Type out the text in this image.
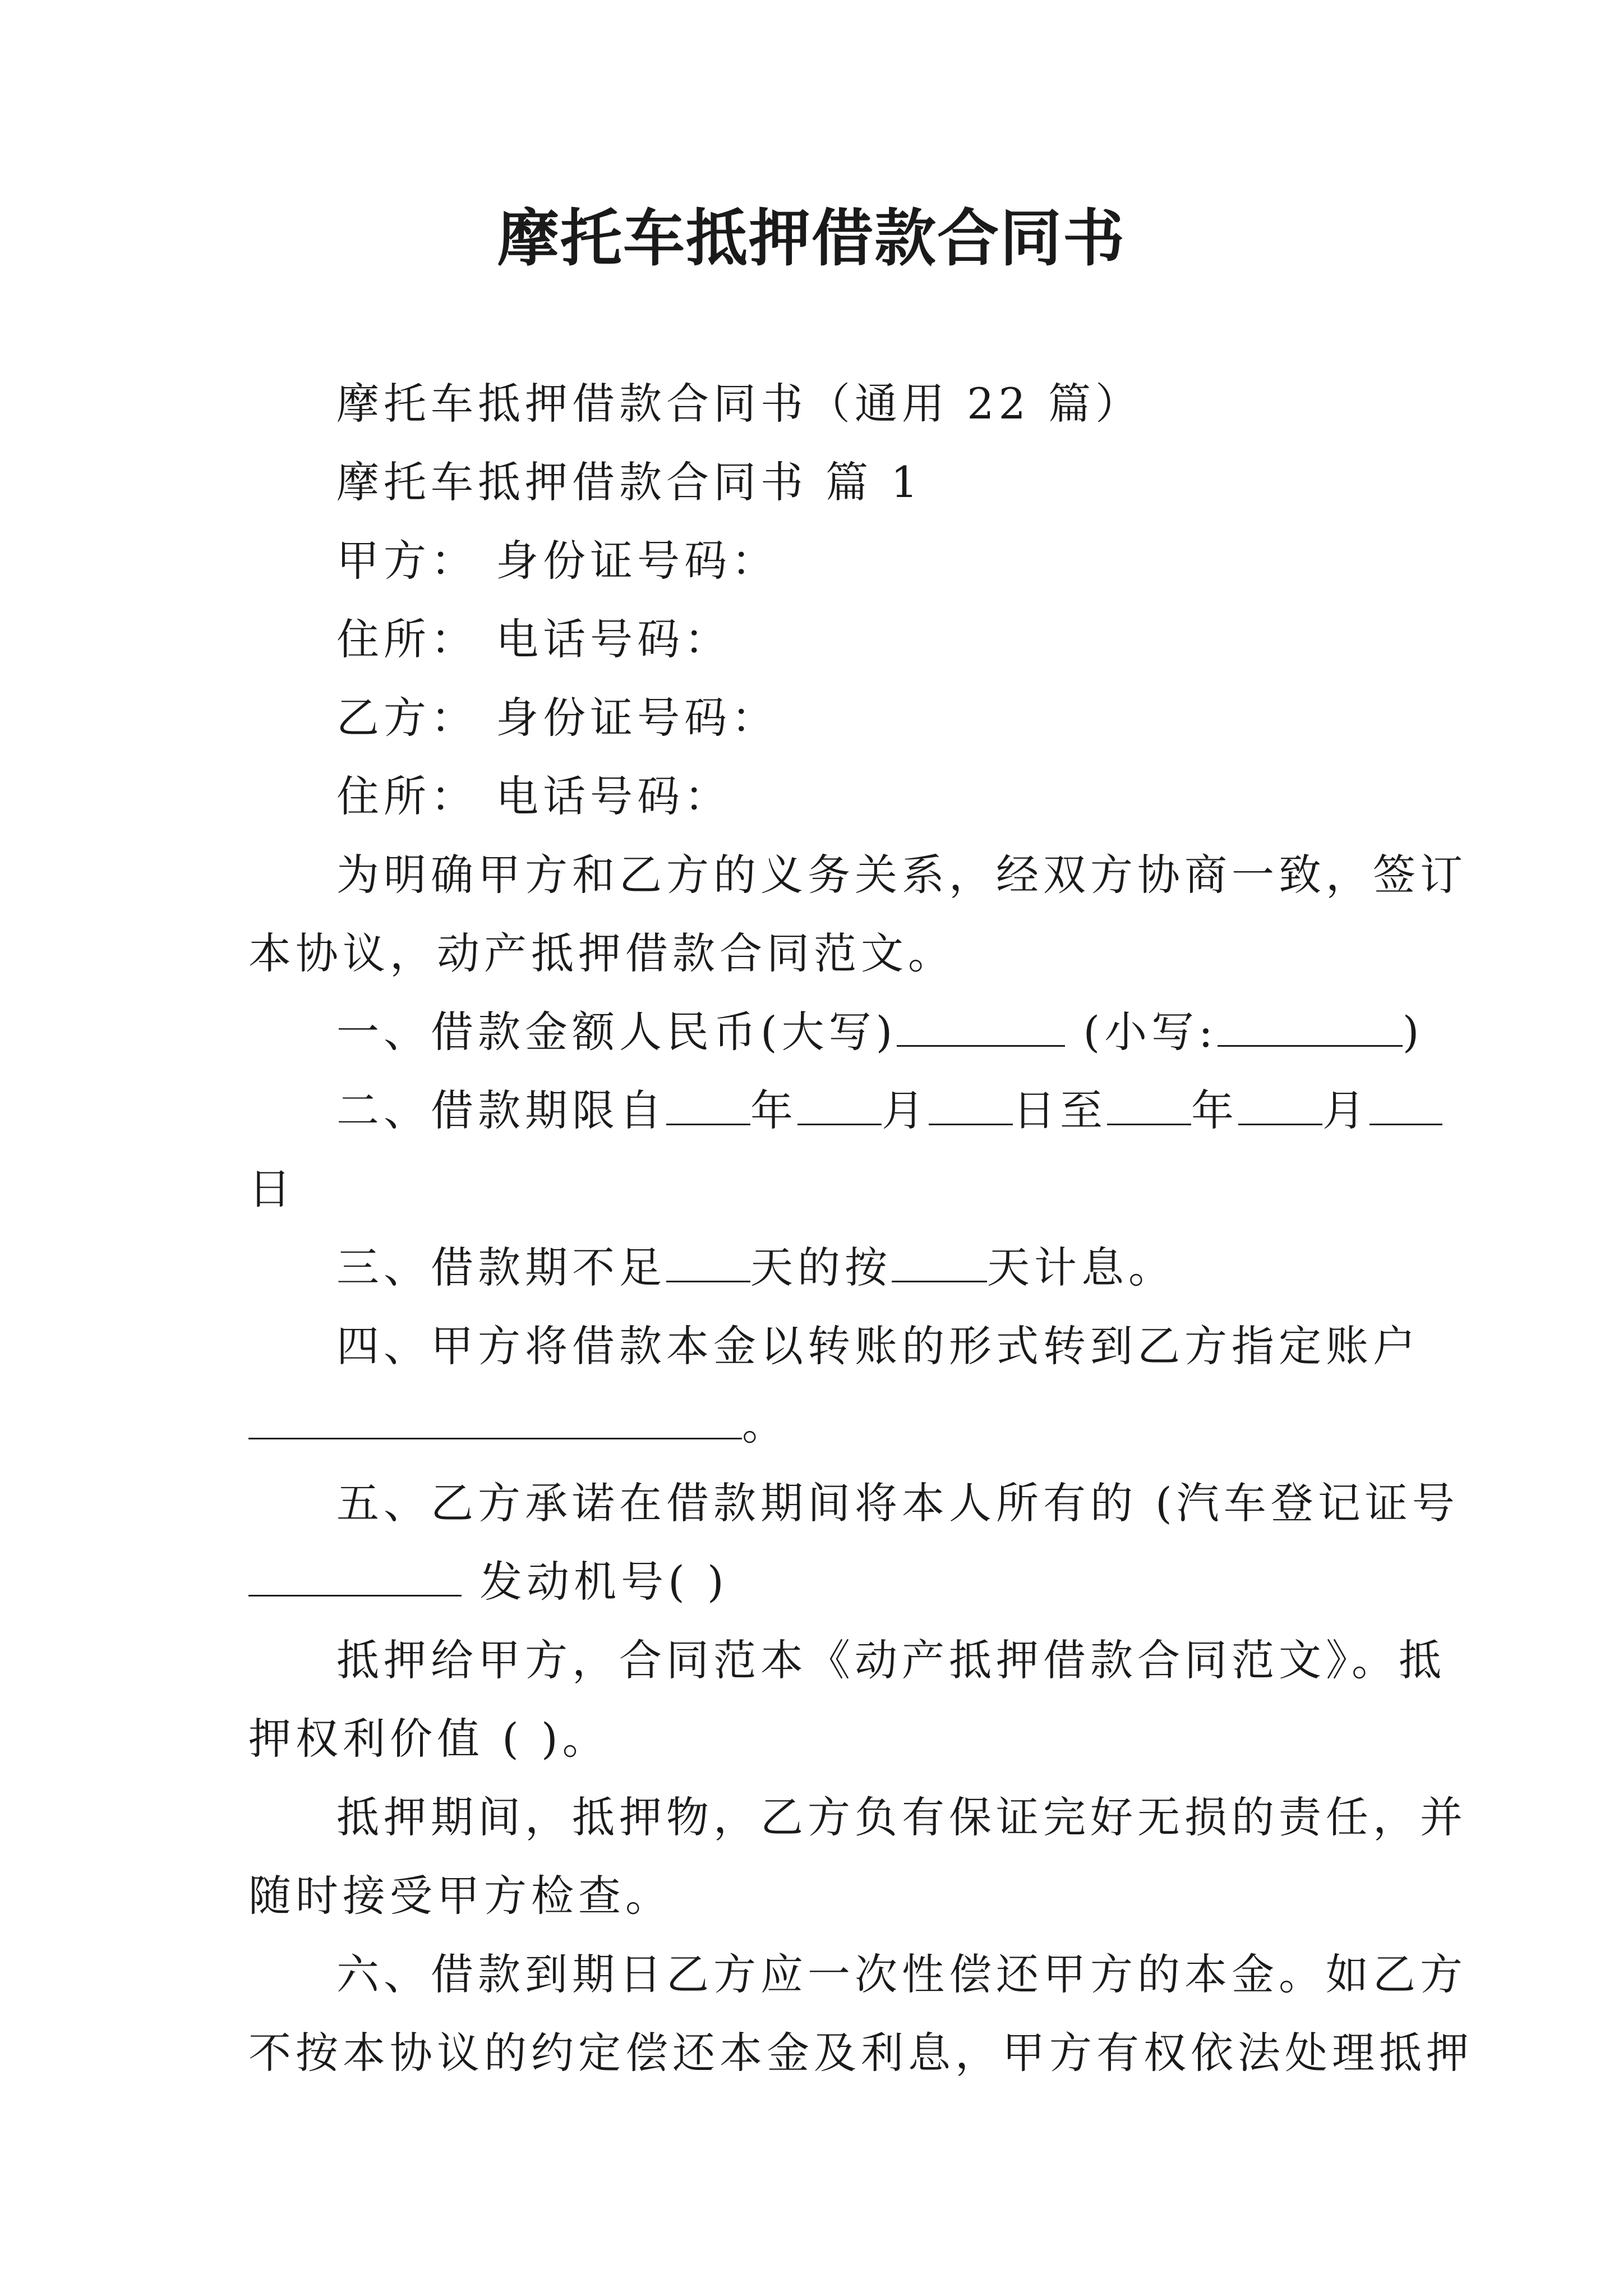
摩托车抵押借款合同书
摩托车抵押借款合同书（通用 22 篇）
摩托车抵押借款合同书 篇 1
甲方： 身份证号码：
住所： 电话号码：
乙方： 身份证号码：
住所： 电话号码：
为明确甲方和乙方的义务关系，经双方协商一致，签订
本协议，动产抵押借款合同范文。
一、借款金额人民币(大写)	(小写:	)
二、借款期限自 年 月 日至 年 月
日
三、借款期不足 天的按 天计息。
四、甲方将借款本金以转账的形式转到乙方指定账户
。
五、乙方承诺在借款期间将本人所有的 (汽车登记证号
发动机号( )
抵押给甲方，合同范本《动产抵押借款合同范文》。抵
押权利价值 ( )。
抵押期间，抵押物，乙方负有保证完好无损的责任，并
随时接受甲方检查。
六、借款到期日乙方应一次性偿还甲方的本金。如乙方
不按本协议的约定偿还本金及利息，甲方有权依法处理抵押
